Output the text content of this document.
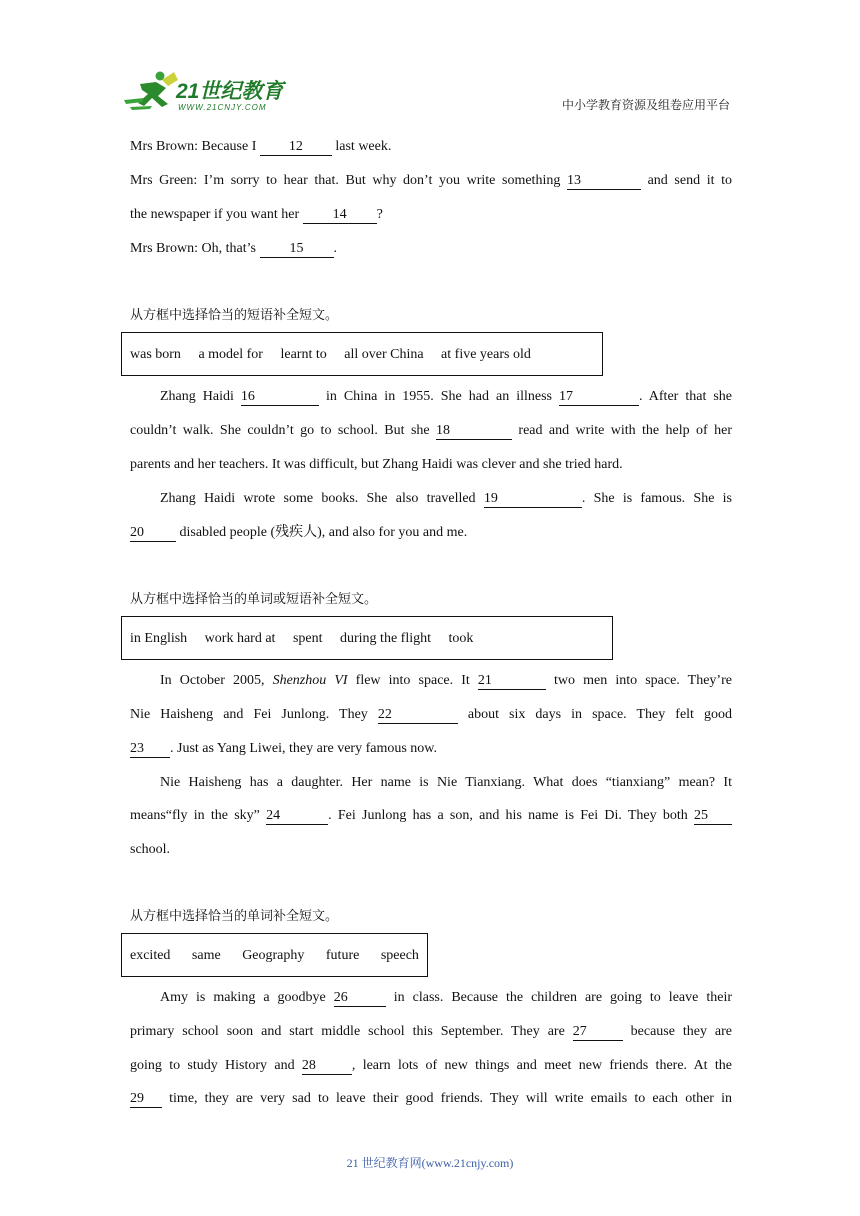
21世纪教育
WWW.21CNJY.COM	中小学教育资源及组卷应用平台
Mrs Brown: Because I 12 last week.
Mrs Green: I’m sorry to hear that. But why don’t you write something 13	and send it to
the newspaper if you want her 14 ?
Mrs Brown: Oh, that’s 15 .
从方框中选择恰当的短语补全短文。
was born a model for learnt to all over China at five years old
Zhang Haidi 16	in China in 1955. She had an illness 17	. After that she
couldn’t walk. She couldn’t go to school. But she 18	read and write with the help of her
parents and her teachers. It was difficult, but Zhang Haidi was clever and she tried hard.
Zhang Haidi wrote some books. She also travelled 19	. She is famous. She is
20 disabled people (残疾人), and also for you and me.
从方框中选择恰当的单词或短语补全短文。
in English work hard at spent during the flight took
In October 2005, Shenzhou VI flew into space. It 21	two men into space. They’re
Nie Haisheng and Fei Junlong. They 22	about six days in space. They felt good
23 . Just as Yang Liwei, they are very famous now.
Nie Haisheng has a daughter. Her name is Nie Tianxiang. What does “tianxiang” mean? It
means“fly in the sky” 24	. Fei Junlong has a son, and his name is Fei Di. They both 25
school.
从方框中选择恰当的单词补全短文。
excited same Geography future speech
Amy is making a goodbye 26	in class. Because the children are going to leave their
primary school soon and start middle school this September. They are 27	because they are
going to study History and 28	, learn lots of new things and meet new friends there. At the
29 time, they are very sad to leave their good friends. They will write emails to each other in
21 世纪教育网(www.21cnjy.com)
